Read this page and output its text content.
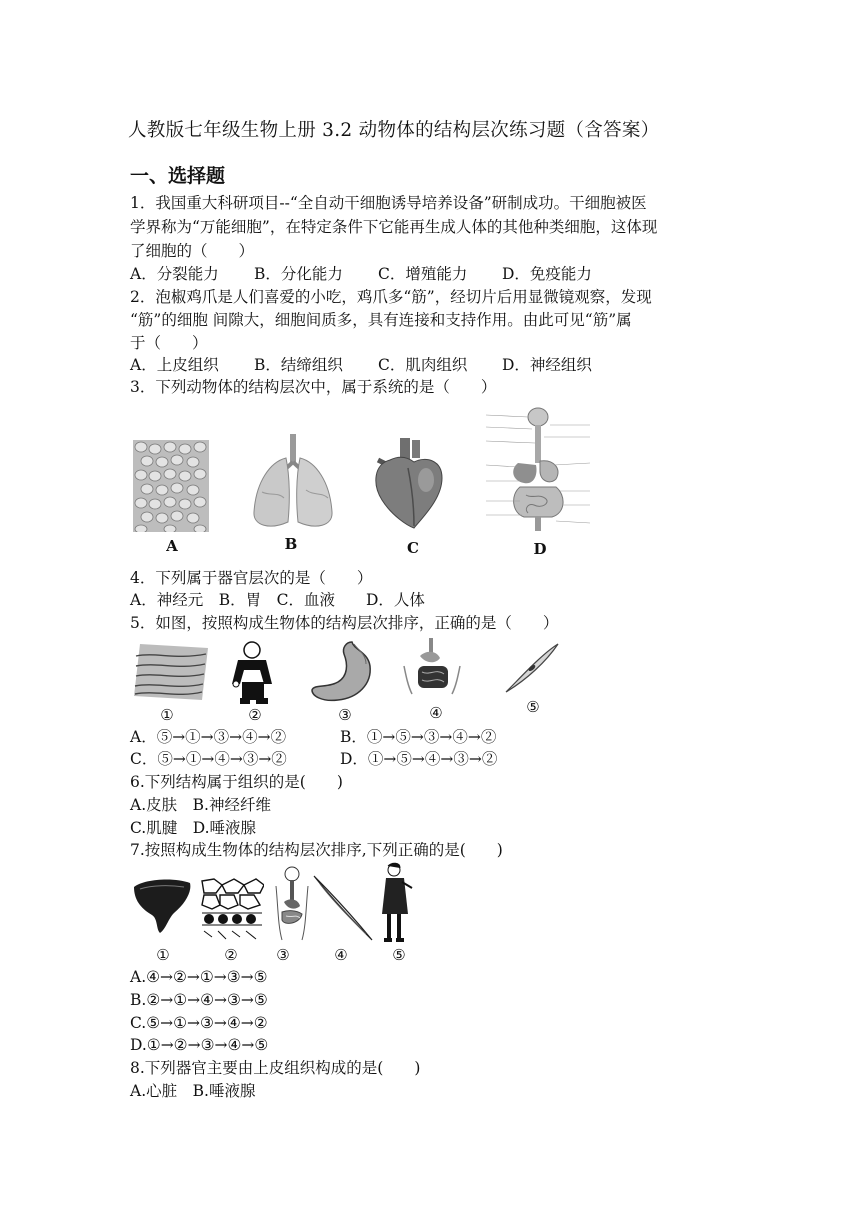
人教版七年级生物上册 3.2 动物体的结构层次练习题（含答案）
一、选择题
1．我国重大科研项目--“全自动干细胞诱导培养设备”研制成功。干细胞被医
学界称为“万能细胞”，在特定条件下它能再生成人体的其他种类细胞，这体现
了细胞的（　　）
A．分裂能力 B．分化能力 C．增殖能力 D．免疫能力
2．泡椒鸡爪是人们喜爱的小吃，鸡爪多“筋”，经切片后用显微镜观察，发现
“筋”的细胞 间隙大，细胞间质多，具有连接和支持作用。由此可见“筋”属
于（　　）
A．上皮组织 B．结缔组织 C．肌肉组织 D．神经组织
3．下列动物体的结构层次中，属于系统的是（　　）
A	B	C	D
4．下列属于器官层次的是（　　）
A．神经元　B．胃　C．血液　　D．人体
5．如图，按照构成生物体的结构层次排序，正确的是（　　）
①	②	③	④	⑤
A．⑤→①→③→④→②	B．①→⑤→③→④→②
C．⑤→①→④→③→②	D．①→⑤→④→③→②
6.下列结构属于组织的是(　　)
A.皮肤　B.神经纤维
C.肌腱　D.唾液腺
7.按照构成生物体的结构层次排序,下列正确的是(　　)
①	②	③	④	⑤
A.④→②→①→③→⑤
B.②→①→④→③→⑤
C.⑤→①→③→④→②
D.①→②→③→④→⑤
8.下列器官主要由上皮组织构成的是(　　)
A.心脏　B.唾液腺
